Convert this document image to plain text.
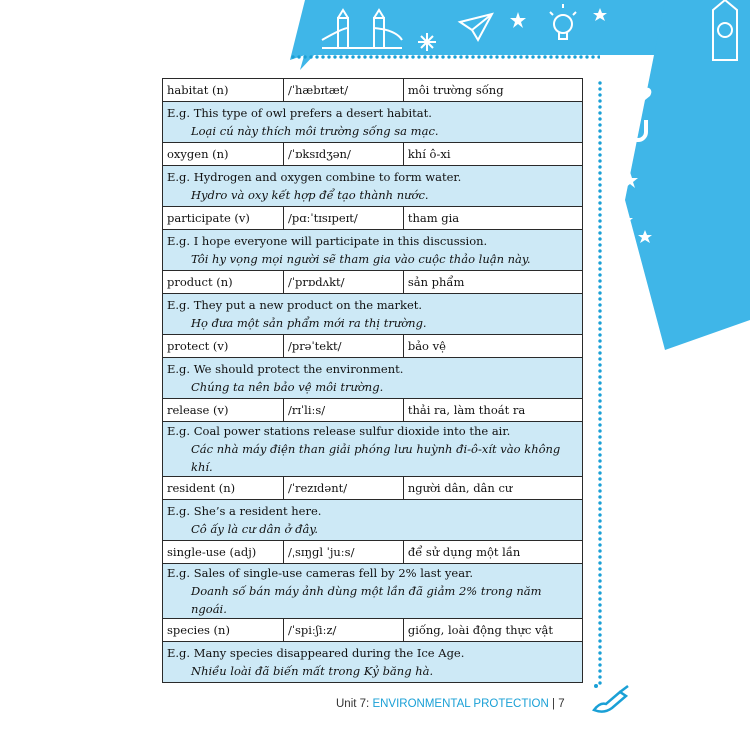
habitat (n)	/ˈhæbɪtæt/	môi trường sống

E.g. This type of owl prefers a desert habitat.
Loại cú này thích môi trường sống sa mạc.		

oxygen (n)	/ˈɒksɪdʒən/	khí ô-xi

E.g. Hydrogen and oxygen combine to form water.
Hydro và oxy kết hợp để tạo thành nước.		

participate (v)	/pɑːˈtɪsɪpeɪt/	tham gia

E.g. I hope everyone will participate in this discussion.
Tôi hy vọng mọi người sẽ tham gia vào cuộc thảo luận này.		

product (n)	/ˈprɒdʌkt/	sản phẩm

E.g. They put a new product on the market.
Họ đưa một sản phẩm mới ra thị trường.		

protect (v)	/prəˈtekt/	bảo vệ

E.g. We should protect the environment.
Chúng ta nên bảo vệ môi trường.		

release (v)	/rɪˈliːs/	thải ra, làm thoát ra

E.g. Coal power stations release sulfur dioxide into the air.
Các nhà máy điện than giải phóng lưu huỳnh đi-ô-xít vào không khí.		

resident (n)	/ˈrezɪdənt/	người dân, dân cư

E.g. She’s a resident here.
Cô ấy là cư dân ở đây.		

single-use (adj)	/ˌsɪŋɡl ˈjuːs/	để sử dụng một lần

E.g. Sales of single-use cameras fell by 2% last year.
Doanh số bán máy ảnh dùng một lần đã giảm 2% trong năm ngoái.		

species (n)	/ˈspiːʃiːz/	giống, loài động thực vật

E.g. Many species disappeared during the Ice Age.
Nhiều loài đã biến mất trong Kỷ băng hà.		
Unit 7: ENVIRONMENTAL PROTECTION | 7
